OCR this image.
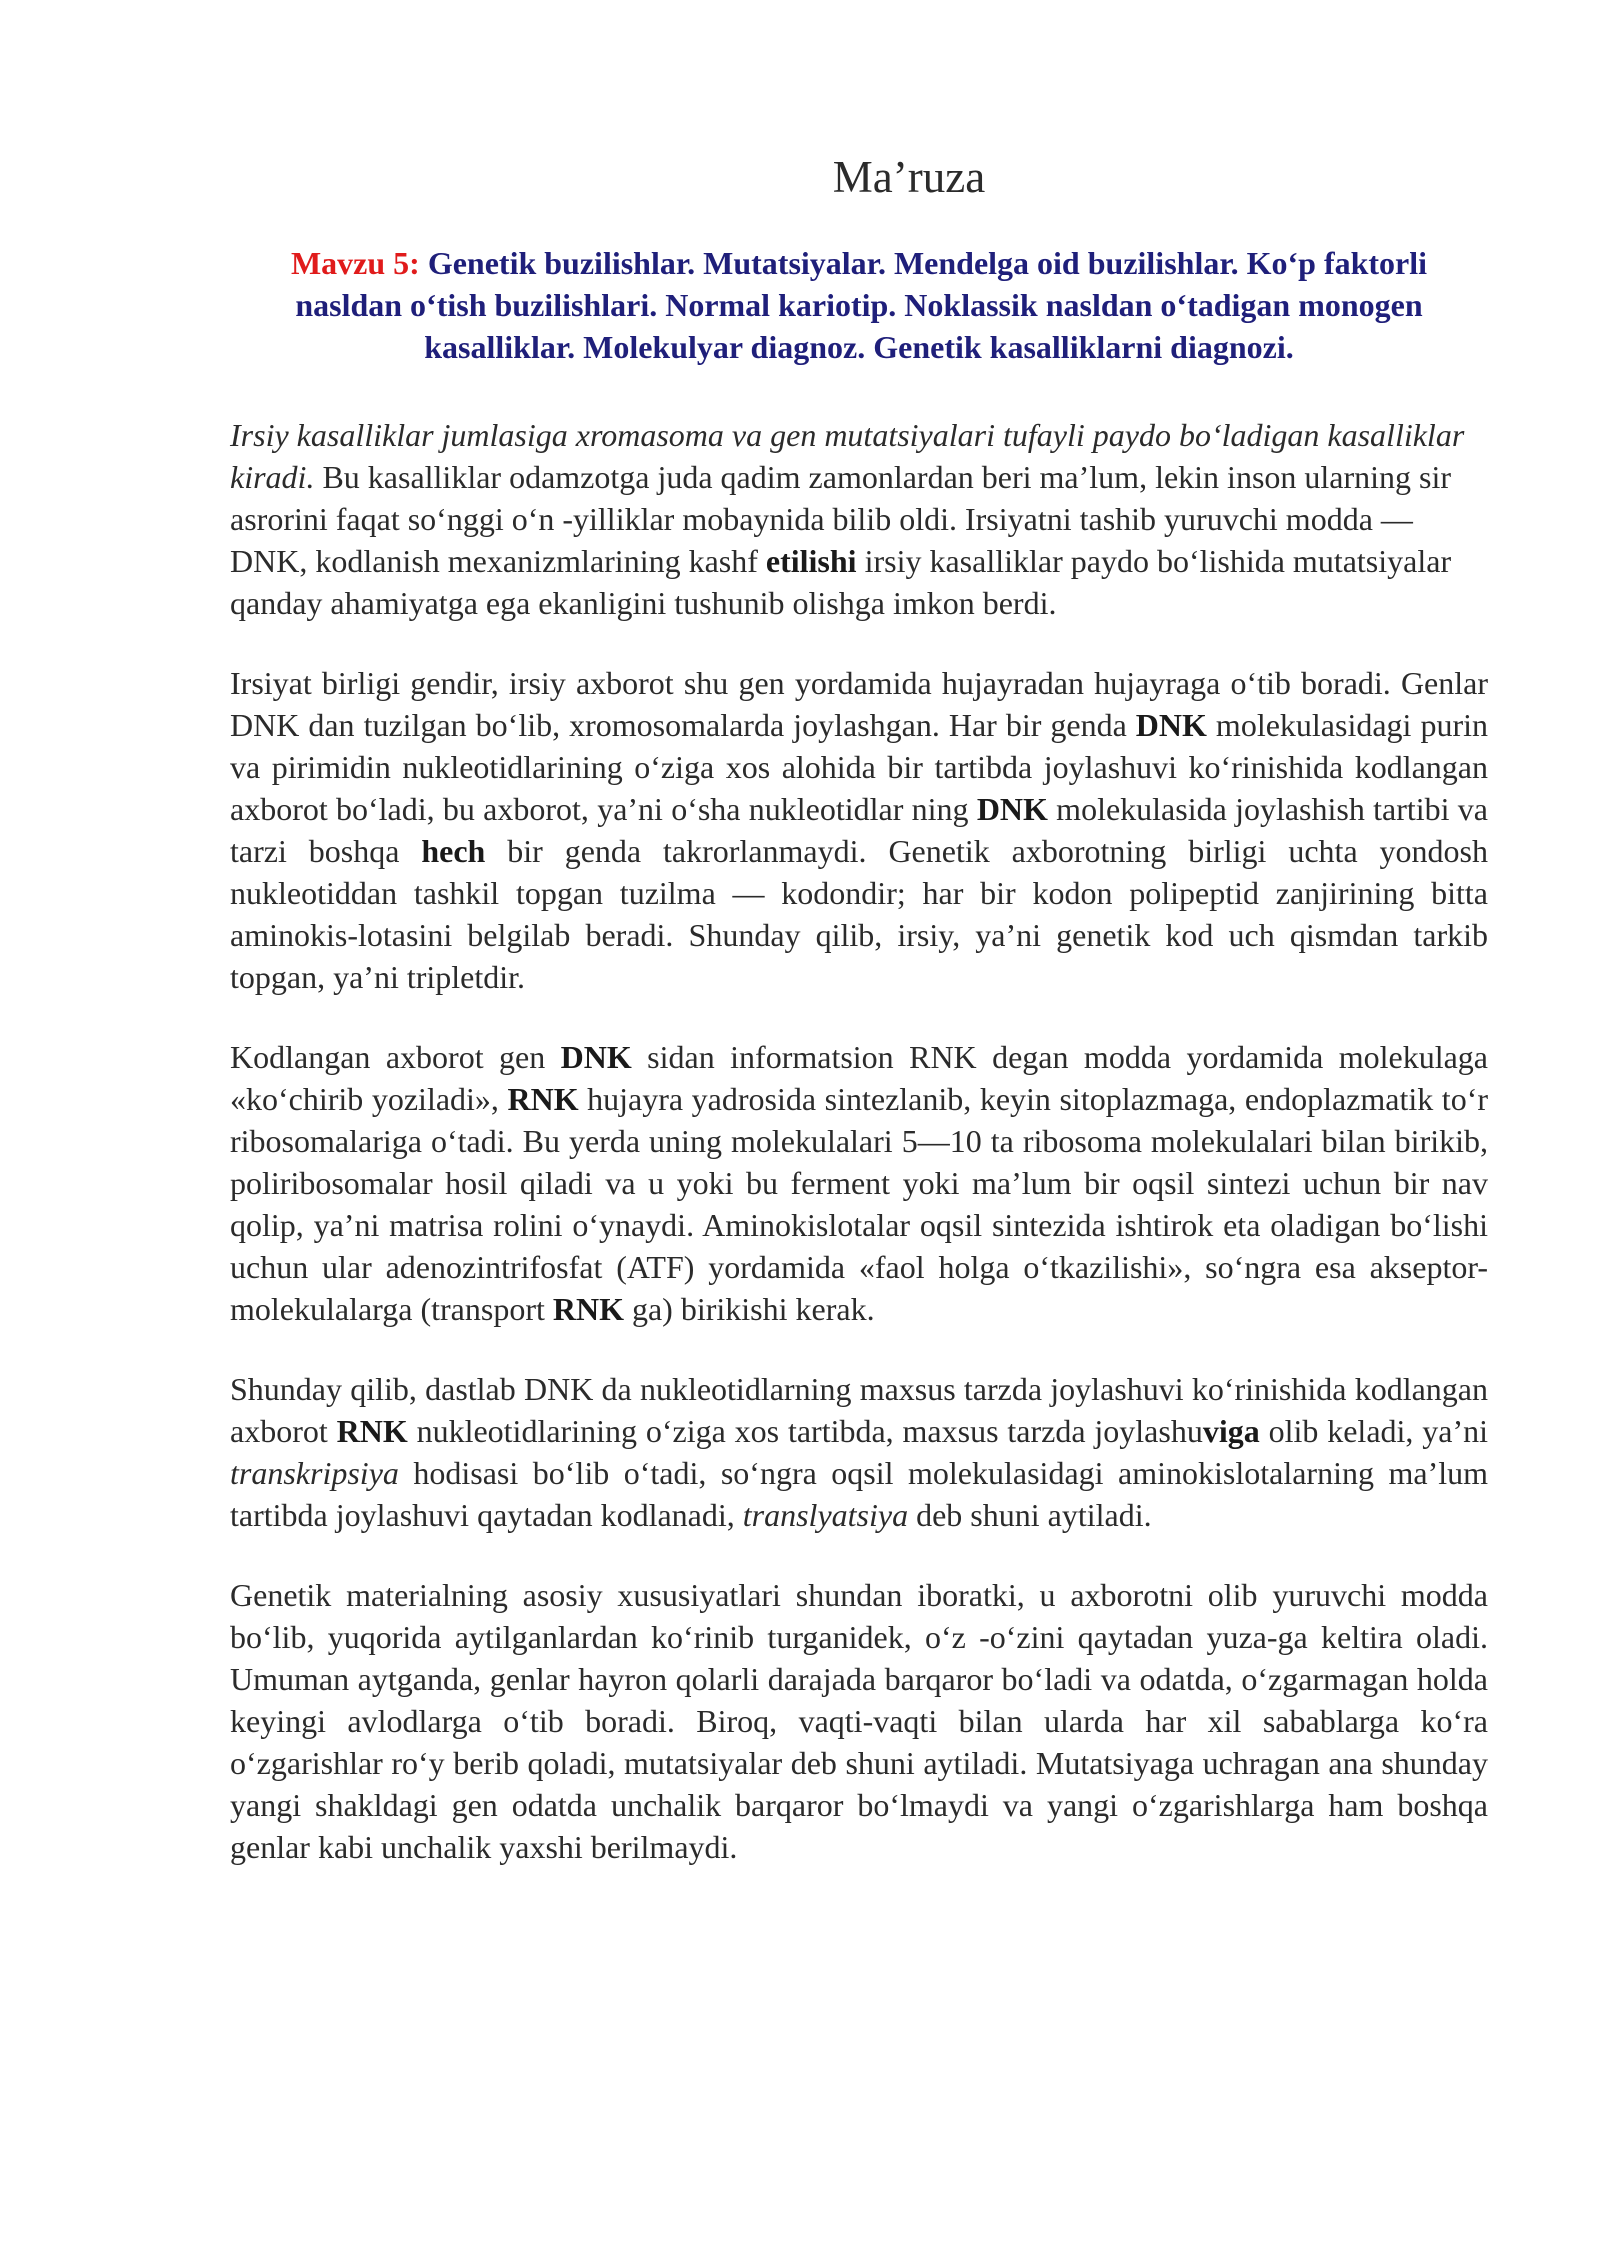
Ma’ruza
Mavzu 5: Genetik buzilishlar. Mutatsiyalar. Mendelga oid buzilishlar. Koʻp faktorli nasldan oʻtish buzilishlari. Normal kariotip. Noklassik nasldan oʻtadigan monogen kasalliklar. Molekulyar diagnoz. Genetik kasalliklarni diagnozi.

Irsiy kasalliklar jumlasiga xromasoma va gen mutatsiyalari tufayli paydo boʻladigan kasalliklar kiradi. Bu kasalliklar odamzotga juda qadim zamonlardan beri ma’lum, lekin inson ularning sir asrorini faqat soʻnggi oʻn -yilliklar mobaynida bilib oldi. Irsiyatni tashib yuruvchi modda — DNK, kodlanish mexanizmlarining kashf etilishi irsiy kasalliklar paydo boʻlishida mutatsiyalar qanday ahamiyatga ega ekanligini tushunib olishga imkon berdi.

Irsiyat birligi gendir, irsiy axborot shu gen yordamida hujayradan hujayraga oʻtib boradi. Genlar DNK dan tuzilgan boʻlib, xromosomalarda joylashgan. Har bir genda DNK molekulasidagi purin va pirimidin nukleotidlarining oʻziga xos alohida bir tartibda joylashuvi koʻrinishida kodlangan axborot boʻladi, bu axborot, ya’ni oʻsha nukleotidlar ning DNK molekulasida joylashish tartibi va tarzi boshqa hech bir genda takrorlanmaydi. Genetik axborotning birligi uchta yondosh nukleotiddan tashkil topgan tuzilma — kodondir; har bir kodon polipeptid zanjirining bitta aminokis-lotasini belgilab beradi. Shunday qilib, irsiy, ya’ni genetik kod uch qismdan tarkib topgan, ya’ni tripletdir.

Kodlangan axborot gen DNK sidan informatsion RNK degan modda yordamida molekulaga «koʻchirib yoziladi», RNK hujayra yadrosida sintezlanib, keyin sitoplazmaga, endoplazmatik toʻr ribosomalariga oʻtadi. Bu yerda uning molekulalari 5—10 ta ribosoma molekulalari bilan birikib, poliribosomalar hosil qiladi va u yoki bu ferment yoki ma’lum bir oqsil sintezi uchun bir nav qolip, ya’ni matrisa rolini oʻynaydi. Aminokislotalar oqsil sintezida ishtirok eta oladigan boʻlishi uchun ular adenozintrifosfat (ATF) yordamida «faol holga oʻtkazilishi», soʻngra esa akseptor-molekulalarga (transport RNK ga) birikishi kerak.

Shunday qilib, dastlab DNK da nukleotidlarning maxsus tarzda joylashuvi koʻrinishida kodlangan axborot RNK nukleotidlarining oʻziga xos tartibda, maxsus tarzda joylashuviga olib keladi, ya’ni transkripsiya hodisasi boʻlib oʻtadi, soʻngra oqsil molekulasidagi aminokislotalarning ma’lum tartibda joylashuvi qaytadan kodlanadi, translyatsiya deb shuni aytiladi.

Genetik materialning asosiy xususiyatlari shundan iboratki, u axborotni olib yuruvchi modda boʻlib, yuqorida aytilganlardan koʻrinib turganidek, oʻz -oʻzini qaytadan yuza-ga keltira oladi. Umuman aytganda, genlar hayron qolarli darajada barqaror boʻladi va odatda, oʻzgarmagan holda keyingi avlodlarga oʻtib boradi. Biroq, vaqti-vaqti bilan ularda har xil sabablarga koʻra oʻzgarishlar roʻy berib qoladi, mutatsiyalar deb shuni aytiladi. Mutatsiyaga uchragan ana shunday yangi shakldagi gen odatda unchalik barqaror boʻlmaydi va yangi oʻzgarishlarga ham boshqa genlar kabi unchalik yaxshi berilmaydi.
